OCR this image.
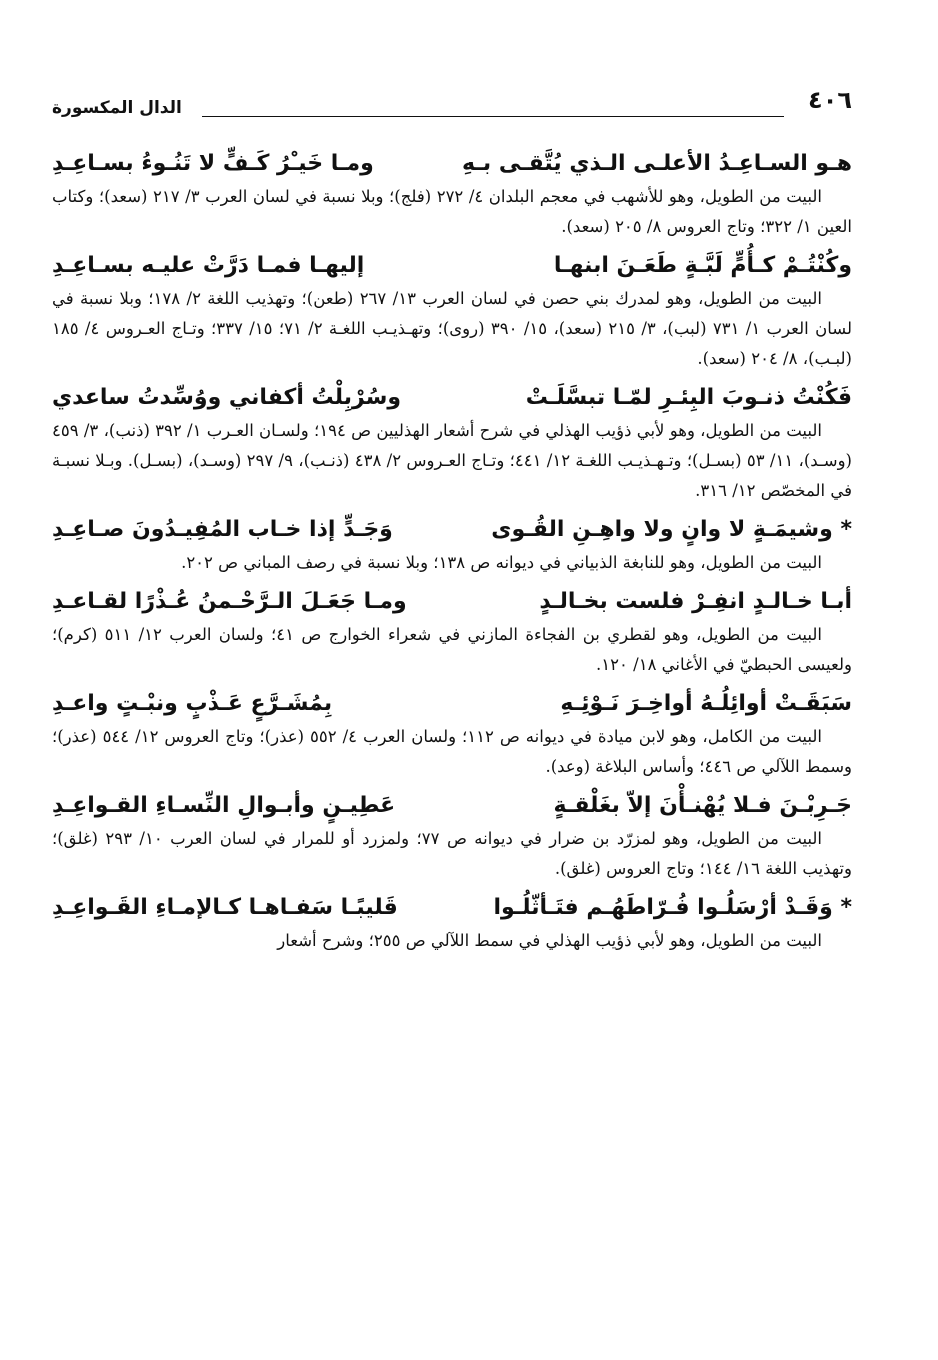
٤٠٦
الدال المكسورة
هـو السـاعِـدُ الأعلـى الـذي يُتَّقـى بـهِ
ومـا خَيـْرُ كَـفٍّ لا تَنُـوءُ بسـاعِـدِ

البيت من الطويل، وهو للأشهب في معجم البلدان ٤/ ٢٧٢ (فلج)؛ وبلا نسبة في لسان العرب ٣/ ٢١٧ (سعد)؛ وكتاب العين ١/ ٣٢٢؛ وتاج العروس ٨/ ٢٠٥ (سعد).

وكُنْتُـمْ كـأُمٍّ لَبَّـةٍ طَعَـنَ ابنهـا
إليهـا فمـا دَرَّتْ عليـه بسـاعِـدِ

البيت من الطويل، وهو لمدرك بني حصن في لسان العرب ١٣/ ٢٦٧ (طعن)؛ وتهذيب اللغة ٢/ ١٧٨؛ وبلا نسبة في لسان العرب ١/ ٧٣١ (لبب)، ٣/ ٢١٥ (سعد)، ١٥/ ٣٩٠ (روى)؛ وتهـذيـب اللغـة ٢/ ٧١؛ ١٥/ ٣٣٧؛ وتـاج العـروس ٤/ ١٨٥ (لبـب)، ٨/ ٢٠٤ (سعد).

فَكُنْتُ ذنـوبَ البِئـرِ لمّـا تبسَّلَـتْ
وسُرْبِلْتُ أكفاني ووُسِّدتُ ساعدي

البيت من الطويل، وهو لأبي ذؤيب الهذلي في شرح أشعار الهذليين ص ١٩٤؛ ولسـان العـرب ١/ ٣٩٢ (ذنب)، ٣/ ٤٥٩ (وسـد)، ١١/ ٥٣ (بسـل)؛ وتـهـذيـب اللغـة ١٢/ ٤٤١؛ وتـاج العـروس ٢/ ٤٣٨ (ذنـب)، ٩/ ٢٩٧ (وسـد)، (بسـل). وبـلا نسبـة في المخصّص ١٢/ ٣١٦.

* وشيمَـةٍ لا وانٍ ولا واهِـنِ القُـوى
وَجَـدٍّ إذا خـاب المُفِيـدُونَ صـاعِـدِ

البيت من الطويل، وهو للنابغة الذبياني في ديوانه ص ١٣٨؛ وبلا نسبة في رصف المباني ص ٢٠٢.

أبـا خـالـدٍ انفِـرْ فلست بخـالـدٍ
ومـا جَعَـلَ الـرَّحْـمنُ عُـذْرًا لقـاعـدِ

البيت من الطويل، وهو لقطري بن الفجاءة المازني في شعراء الخوارج ص ٤١؛ ولسان العرب ١٢/ ٥١١ (كرم)؛ ولعيسى الحبطيّ في الأغاني ١٨/ ١٢٠.

سَبَقَـتْ أوائِلُـهُ أواخِـرَ نَـوْئِـهِ
بِمُشَـرَّعٍ عَـذْبٍ ونبْـتٍ واعـدِ

البيت من الكامل، وهو لابن ميادة في ديوانه ص ١١٢؛ ولسان العرب ٤/ ٥٥٢ (عذر)؛ وتاج العروس ١٢/ ٥٤٤ (عذر)؛ وسمط اللآلي ص ٤٤٦؛ وأساس البلاغة (وعد).

جَـرِبْـنَ فـلا يُهْنـأْنَ إلاّ بغَلْقـةٍ
عَطِيـنٍ وأبـوالِ النِّسـاءِ القـواعِـدِ

البيت من الطويل، وهو لمزرّد بن ضرار في ديوانه ص ٧٧؛ ولمزرد أو للمرار في لسان العرب ١٠/ ٢٩٣ (غلق)؛ وتهذيب اللغة ١٦/ ١٤٤؛ وتاج العروس (غلق).

* وَقَـدْ أرْسَلُـوا فُـرّاطَهُـم فتَـأثّلُـوا
قَليبًـا سَفـاهـا كـالإمـاءِ القَـواعِـدِ

البيت من الطويل، وهو لأبي ذؤيب الهذلي في سمط اللآلي ص ٢٥٥؛ وشرح أشعار
